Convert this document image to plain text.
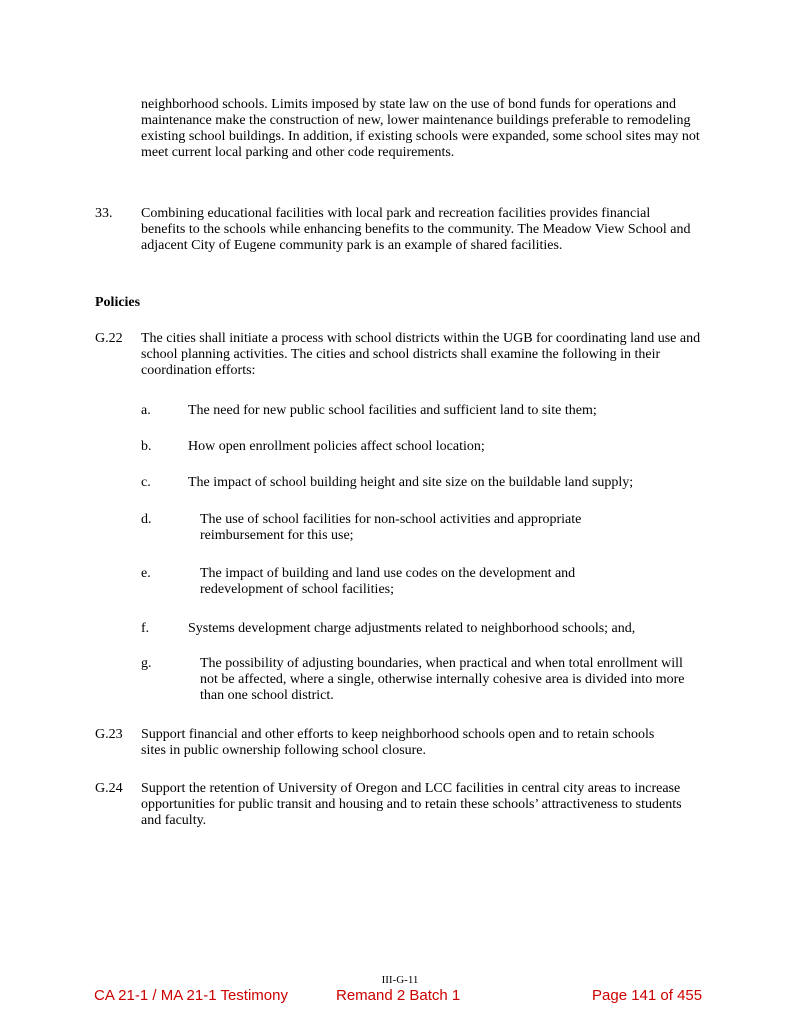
neighborhood schools. Limits imposed by state law on the use of bond funds for operations and maintenance make the construction of new, lower maintenance buildings preferable to remodeling existing school buildings. In addition, if existing schools were expanded, some school sites may not meet current local parking and other code requirements.

33. Combining educational facilities with local park and recreation facilities provides financial benefits to the schools while enhancing benefits to the community. The Meadow View School and adjacent City of Eugene community park is an example of shared facilities.

Policies
G.22 The cities shall initiate a process with school districts within the UGB for coordinating land use and school planning activities. The cities and school districts shall examine the following in their coordination efforts:

a.	The need for new public school facilities and sufficient land to site them;

b.	How open enrollment policies affect school location;

c.	The impact of school building height and site size on the buildable land supply;

d.	The use of school facilities for non-school activities and appropriate reimbursement for this use;

e.	The impact of building and land use codes on the development and redevelopment of school facilities;

f.	Systems development charge adjustments related to neighborhood schools; and,

g.	The possibility of adjusting boundaries, when practical and when total enrollment will not be affected, where a single, otherwise internally cohesive area is divided into more than one school district.

G.23 Support financial and other efforts to keep neighborhood schools open and to retain schools sites in public ownership following school closure.

G.24 Support the retention of University of Oregon and LCC facilities in central city areas to increase opportunities for public transit and housing and to retain these schools’ attractiveness to students and faculty.

III-G-11
CA 21-1 / MA 21-1 Testimony	Remand 2 Batch 1	Page 141 of 455
